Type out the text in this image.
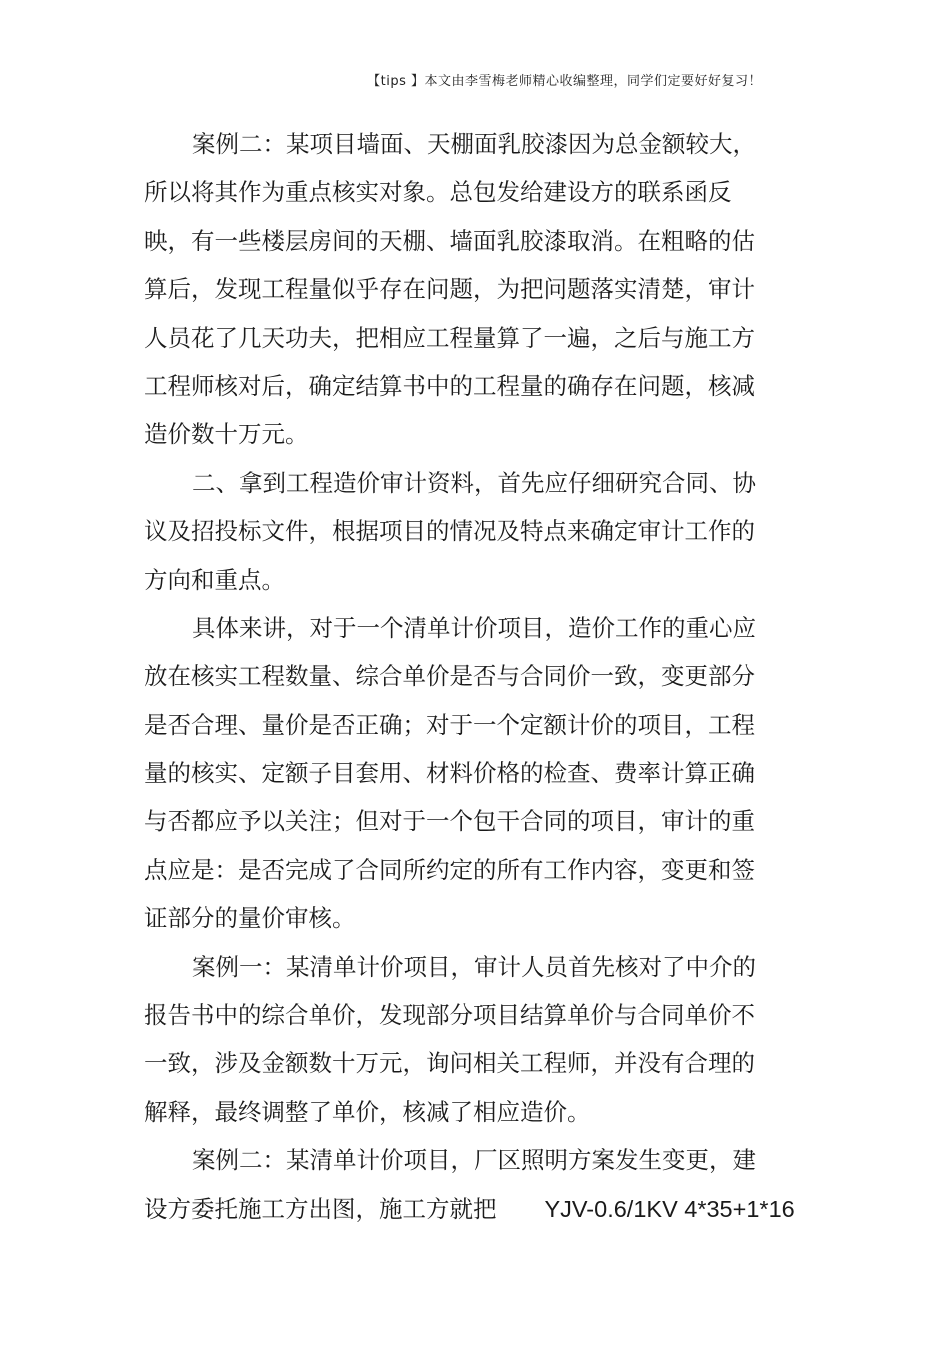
【tips 】本文由李雪梅老师精心收编整理，同学们定要好好复习！
案例二：某项目墙面、天棚面乳胶漆因为总金额较大，
所以将其作为重点核实对象。总包发给建设方的联系函反
映，有一些楼层房间的天棚、墙面乳胶漆取消。在粗略的估
算后，发现工程量似乎存在问题，为把问题落实清楚，审计
人员花了几天功夫，把相应工程量算了一遍，之后与施工方
工程师核对后，确定结算书中的工程量的确存在问题，核减
造价数十万元。
二、拿到工程造价审计资料，首先应仔细研究合同、协
议及招投标文件，根据项目的情况及特点来确定审计工作的
方向和重点。
具体来讲，对于一个清单计价项目，造价工作的重心应
放在核实工程数量、综合单价是否与合同价一致，变更部分
是否合理、量价是否正确；对于一个定额计价的项目，工程
量的核实、定额子目套用、材料价格的检查、费率计算正确
与否都应予以关注；但对于一个包干合同的项目，审计的重
点应是：是否完成了合同所约定的所有工作内容，变更和签
证部分的量价审核。
案例一：某清单计价项目，审计人员首先核对了中介的
报告书中的综合单价，发现部分项目结算单价与合同单价不
一致，涉及金额数十万元，询问相关工程师，并没有合理的
解释，最终调整了单价，核减了相应造价。
案例二：某清单计价项目，厂区照明方案发生变更，建
设方委托施工方出图，施工方就把 YJV-0.6/1KV 4*35+1*16
